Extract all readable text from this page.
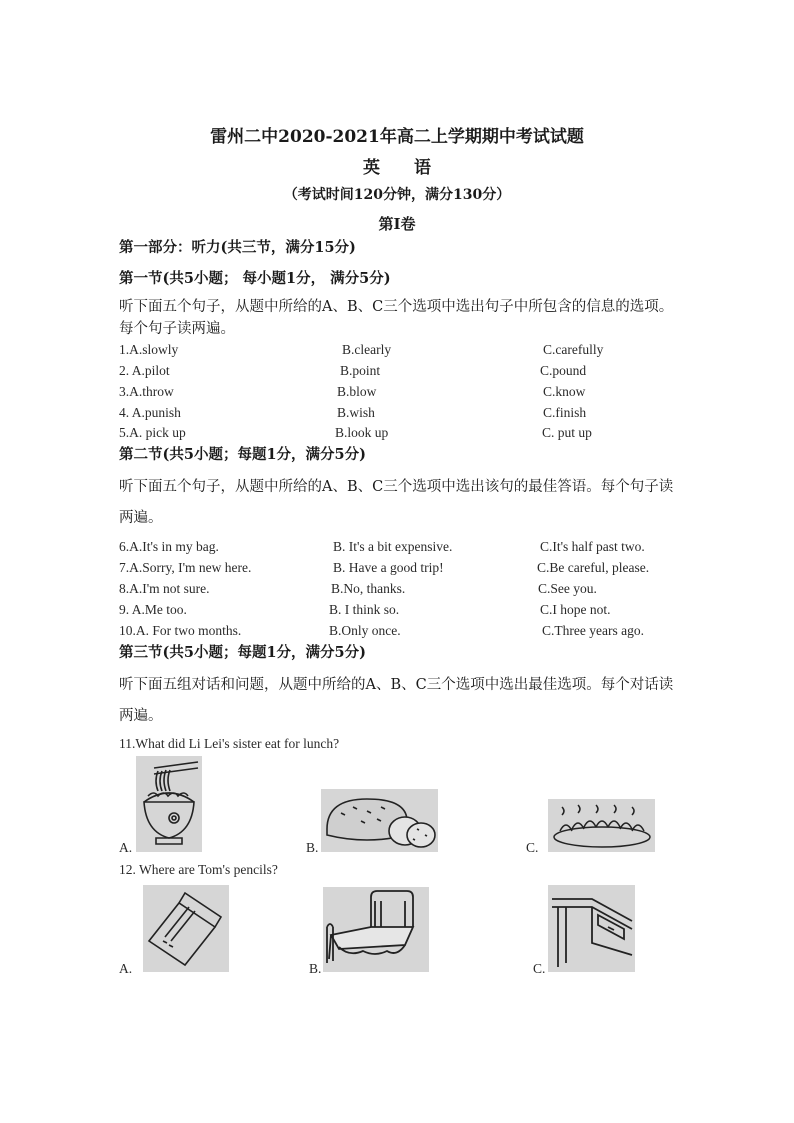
雷州二中2020-2021年高二上学期期中考试试题
英 语
（考试时间120分钟，满分130分）
第I卷
第一部分：听力(共三节，满分15分)
第一节(共5小题； 每小题1分， 满分5分)
听下面五个句子，从题中所给的A、B、C三个选项中选出句子中所包含的信息的选项。每个句子读两遍。
1.A.slowly	B.clearly	C.carefully
2. A.pilot	B.point	C.pound
3.A.throw	B.blow	C.know
4. A.punish	B.wish	C.finish
5.A. pick up	B.look up	C. put up
第二节(共5小题；每题1分，满分5分)
听下面五个句子，从题中所给的A、B、C三个选项中选出该句的最佳答语。每个句子读两遍。
6.A.It's in my bag.	B. It's a bit expensive.	C.It's half past two.
7.A.Sorry, I'm new here.	B. Have a good trip!	C.Be careful, please.
8.A.I'm not sure.	B.No, thanks.	C.See you.
9. A.Me too.	B. I think so.	C.I hope not.
10.A. For two months.	B.Only once.	C.Three years ago.
第三节(共5小题；每题1分，满分5分)
听下面五组对话和问题，从题中所给的A、B、C三个选项中选出最佳选项。每个对话读两遍。
11.What did Li Lei's sister eat for lunch?
A.	B.	C.
12. Where are Tom's pencils?
A.	B.	C.
